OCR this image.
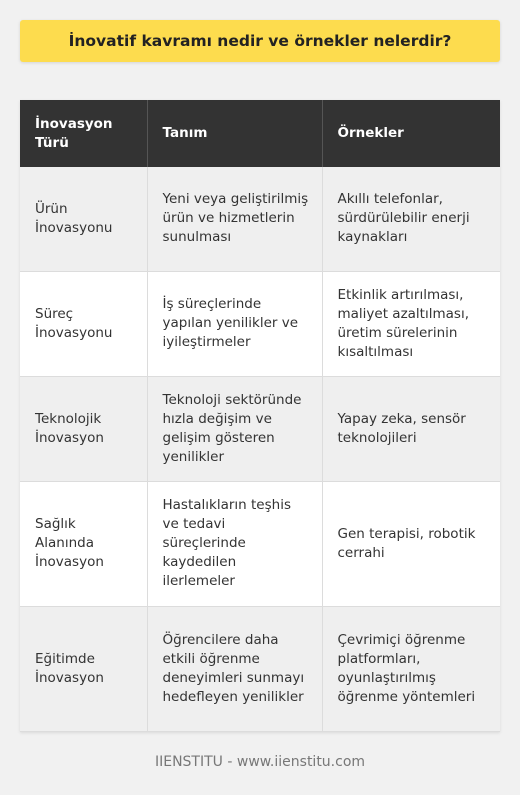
İnovatif kavramı nedir ve örnekler nelerdir?
İnovasyon Türü	Tanım	Örnekler
Ürün İnovasyonu	Yeni veya geliştirilmiş ürün ve hizmetlerin sunulması	Akıllı telefonlar, sürdürülebilir enerji kaynakları
Süreç İnovasyonu	İş süreçlerinde yapılan yenilikler ve iyileştirmeler	Etkinlik artırılması, maliyet azaltılması, üretim sürelerinin kısaltılması
Teknolojik İnovasyon	Teknoloji sektöründe hızla değişim ve gelişim gösteren yenilikler	Yapay zeka, sensör teknolojileri
Sağlık Alanında İnovasyon	Hastalıkların teşhis ve tedavi süreçlerinde kaydedilen ilerlemeler	Gen terapisi, robotik cerrahi
Eğitimde İnovasyon	Öğrencilere daha etkili öğrenme deneyimleri sunmayı hedefleyen yenilikler	Çevrimiçi öğrenme platformları, oyunlaştırılmış öğrenme yöntemleri
IIENSTITU - www.iienstitu.com
